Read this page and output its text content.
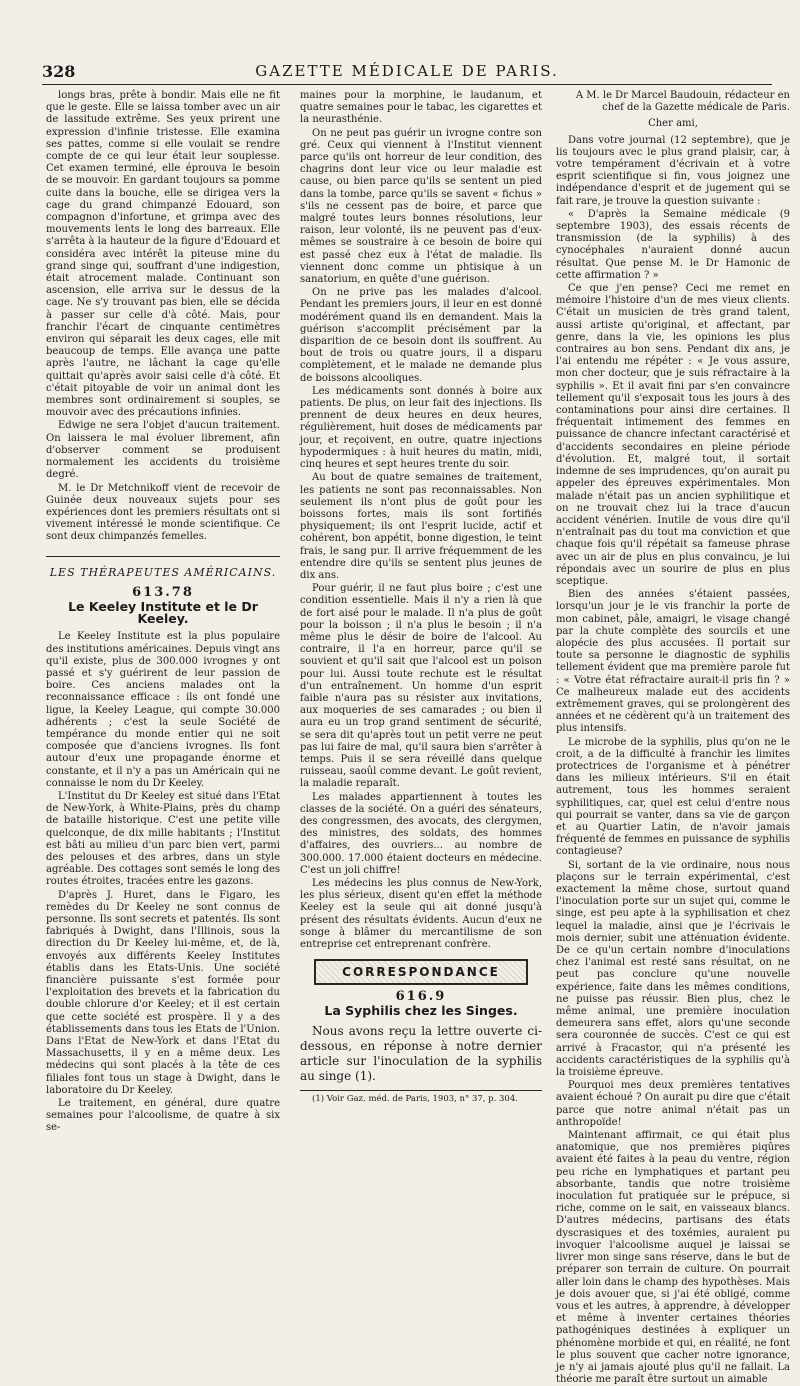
328	GAZETTE MÉDICALE DE PARIS.

longs bras, prête à bondir. Mais elle ne fit que le geste. Elle se laissa tomber avec un air de lassitude extrême. Ses yeux prirent une expression d'infinie tristesse. Elle examina ses pattes, comme si elle voulait se rendre compte de ce qui leur était leur souplesse. Cet examen terminé, elle éprouva le besoin de se mouvoir. En gardant toujours sa pomme cuite dans la bouche, elle se dirigea vers la cage du grand chimpanzé Edouard, son compagnon d'infortune, et grimpa avec des mouvements lents le long des barreaux. Elle s'arrêta à la hauteur de la figure d'Edouard et considéra avec intérêt la piteuse mine du grand singe qui, souffrant d'une indigestion, était atrocement malade. Continuant son ascension, elle arriva sur le dessus de la cage. Ne s'y trouvant pas bien, elle se décida à passer sur celle d'à côté. Mais, pour franchir l'écart de cinquante centimètres environ qui séparait les deux cages, elle mit beaucoup de temps. Elle avança une patte après l'autre, ne lâchant la cage qu'elle quittait qu'après avoir saisi celle d'à côté. Et c'était pitoyable de voir un animal dont les membres sont ordinairement si souples, se mouvoir avec des précautions infinies.

Edwige ne sera l'objet d'aucun traitement. On laissera le mal évoluer librement, afin d'observer comment se produisent normalement les accidents du troisième degré.

M. le Dr Metchnikoff vient de recevoir de Guinée deux nouveaux sujets pour ses expériences dont les premiers résultats ont si vivement intéressé le monde scientifique. Ce sont deux chimpanzés femelles.

LES THÉRAPEUTES AMÉRICAINS.
613.78
Le Keeley Institute et le Dr Keeley.

Le Keeley Institute est la plus populaire des institutions américaines. Depuis vingt ans qu'il existe, plus de 300.000 ivrognes y ont passé et s'y guérirent de leur passion de boire. Ces anciens malades ont la reconnaissance efficace : ils ont fondé une ligue, la Keeley League, qui compte 30.000 adhérents ; c'est la seule Société de tempérance du monde entier qui ne soit composée que d'anciens ivrognes. Ils font autour d'eux une propagande énorme et constante, et il n'y a pas un Américain qui ne connaisse le nom du Dr Keeley.

L'Institut du Dr Keeley est situé dans l'Etat de New-York, à White-Plains, près du champ de bataille historique. C'est une petite ville quelconque, de dix mille habitants ; l'Institut est bâti au milieu d'un parc bien vert, parmi des pelouses et des arbres, dans un style agréable. Des cottages sont semés le long des routes étroites, tracées entre les gazons.

D'après J. Huret, dans le Figaro, les remèdes du Dr Keeley ne sont connus de personne. Ils sont secrets et patentés. Ils sont fabriqués à Dwight, dans l'Illinois, sous la direction du Dr Keeley lui-même, et, de là, envoyés aux différents Keeley Institutes établis dans les Etats-Unis. Une société financière puissante s'est formée pour l'exploitation des brevets et la fabrication du double chlorure d'or Keeley; et il est certain que cette société est prospère. Il y a des établissements dans tous les Etats de l'Union. Dans l'Etat de New-York et dans l'Etat du Massachusetts, il y en a même deux. Les médecins qui sont placés à la tête de ces filiales font tous un stage à Dwight, dans le laboratoire du Dr Keeley.

Le traitement, en général, dure quatre semaines pour l'alcoolisme, de quatre à six se-

maines pour la morphine, le laudanum, et quatre semaines pour le tabac, les cigarettes et la neurasthénie.

On ne peut pas guérir un ivrogne contre son gré. Ceux qui viennent à l'Institut viennent parce qu'ils ont horreur de leur condition, des chagrins dont leur vice ou leur maladie est cause, ou bien parce qu'ils se sentent un pied dans la tombe, parce qu'ils se savent « fichus » s'ils ne cessent pas de boire, et parce que malgré toutes leurs bonnes résolutions, leur raison, leur volonté, ils ne peuvent pas d'eux-mêmes se soustraire à ce besoin de boire qui est passé chez eux à l'état de maladie. Ils viennent donc comme un phtisique à un sanatorium, en quête d'une guérison.

On ne prive pas les malades d'alcool. Pendant les premiers jours, il leur en est donné modérément quand ils en demandent. Mais la guérison s'accomplit précisément par la disparition de ce besoin dont ils souffrent. Au bout de trois ou quatre jours, il a disparu complètement, et le malade ne demande plus de boissons alcooliques.

Les médicaments sont donnés à boire aux patients. De plus, on leur fait des injections. Ils prennent de deux heures en deux heures, régulièrement, huit doses de médicaments par jour, et reçoivent, en outre, quatre injections hypodermiques : à huit heures du matin, midi, cinq heures et sept heures trente du soir.

Au bout de quatre semaines de traitement, les patients ne sont pas reconnaissables. Non seulement ils n'ont plus de goût pour les boissons fortes, mais ils sont fortifiés physiquement; ils ont l'esprit lucide, actif et cohérent, bon appétit, bonne digestion, le teint frais, le sang pur. Il arrive fréquemment de les entendre dire qu'ils se sentent plus jeunes de dix ans.

Pour guérir, il ne faut plus boire ; c'est une condition essentielle. Mais il n'y a rien là que de fort aisé pour le malade. Il n'a plus de goût pour la boisson ; il n'a plus le besoin ; il n'a même plus le désir de boire de l'alcool. Au contraire, il l'a en horreur, parce qu'il se souvient et qu'il sait que l'alcool est un poison pour lui. Aussi toute rechute est le résultat d'un entraînement. Un homme d'un esprit faible n'aura pas su résister aux invitations, aux moqueries de ses camarades ; ou bien il aura eu un trop grand sentiment de sécurité, se sera dit qu'après tout un petit verre ne peut pas lui faire de mal, qu'il saura bien s'arrêter à temps. Puis il se sera réveillé dans quelque ruisseau, saoûl comme devant. Le goût revient, la maladie reparaît.

Les malades appartiennent à toutes les classes de la société. On a guéri des sénateurs, des congressmen, des avocats, des clergymen, des ministres, des soldats, des hommes d'affaires, des ouvriers... au nombre de 300.000. 17.000 étaient docteurs en médecine. C'est un joli chiffre!

Les médecins les plus connus de New-York, les plus sérieux, disent qu'en effet la méthode Keeley est la seule qui ait donné jusqu'à présent des résultats évidents. Aucun d'eux ne songe à blâmer du mercantilisme de son entreprise cet entreprenant confrère.

CORRESPONDANCE
616.9
La Syphilis chez les Singes.

Nous avons reçu la lettre ouverte ci-dessous, en réponse à notre dernier article sur l'inoculation de la syphilis au singe (1).

(1) Voir Gaz. méd. de Paris, 1903, n° 37, p. 304.
A M. le Dr Marcel Baudouin, rédacteur en chef de la Gazette médicale de Paris.
Cher ami,

Dans votre journal (12 septembre), que je lis toujours avec le plus grand plaisir, car, à votre tempérament d'écrivain et à votre esprit scientifique si fin, vous joignez une indépendance d'esprit et de jugement qui se fait rare, je trouve la question suivante :

« D'après la Semaine médicale (9 septembre 1903), des essais récents de transmission (de la syphilis) à des cynocéphales n'auraient donné aucun résultat. Que pense M. le Dr Hamonic de cette affirmation ? »

Ce que j'en pense? Ceci me remet en mémoire l'histoire d'un de mes vieux clients. C'était un musicien de très grand talent, aussi artiste qu'original, et affectant, par genre, dans la vie, les opinions les plus contraires au bon sens. Pendant dix ans, je l'ai entendu me répéter : « Je vous assure, mon cher docteur, que je suis réfractaire à la syphilis ». Et il avait fini par s'en convaincre tellement qu'il s'exposait tous les jours à des contaminations pour ainsi dire certaines. Il fréquentait intimement des femmes en puissance de chancre infectant caractérisé et d'accidents secondaires en pleine période d'évolution. Et, malgré tout, il sortait indemne de ses imprudences, qu'on aurait pu appeler des épreuves expérimentales. Mon malade n'était pas un ancien syphilitique et on ne trouvait chez lui la trace d'aucun accident vénérien. Inutile de vous dire qu'il n'entraînait pas du tout ma conviction et que chaque fois qu'il répétait sa fameuse phrase avec un air de plus en plus convaincu, je lui répondais avec un sourire de plus en plus sceptique.

Bien des années s'étaient passées, lorsqu'un jour je le vis franchir la porte de mon cabinet, pâle, amaigri, le visage changé par la chute complète des sourcils et une alopécie des plus accusées. Il portait sur toute sa personne le diagnostic de syphilis tellement évident que ma première parole fut : « Votre état réfractaire aurait-il pris fin ? » Ce malheureux malade eut des accidents extrêmement graves, qui se prolongèrent des années et ne cédèrent qu'à un traitement des plus intensifs.

Le microbe de la syphilis, plus qu'on ne le croit, a de la difficulté à franchir les limites protectrices de l'organisme et à pénétrer dans les milieux intérieurs. S'il en était autrement, tous les hommes seraient syphilitiques, car, quel est celui d'entre nous qui pourrait se vanter, dans sa vie de garçon et au Quartier Latin, de n'avoir jamais fréquenté de femmes en puissance de syphilis contagieuse?

Si, sortant de la vie ordinaire, nous nous plaçons sur le terrain expérimental, c'est exactement la même chose, surtout quand l'inoculation porte sur un sujet qui, comme le singe, est peu apte à la syphilisation et chez lequel la maladie, ainsi que je l'écrivais le mois dernier, subit une atténuation évidente. De ce qu'un certain nombre d'inoculations chez l'animal est resté sans résultat, on ne peut pas conclure qu'une nouvelle expérience, faite dans les mêmes conditions, ne puisse pas réussir. Bien plus, chez le même animal, une première inoculation demeurera sans effet, alors qu'une seconde sera couronnée de succès. C'est ce qui est arrivé à Fracastor, qui n'a présenté les accidents caractéristiques de la syphilis qu'à la troisième épreuve.

Pourquoi mes deux premières tentatives avaient échoué ? On aurait pu dire que c'était parce que notre animal n'était pas un anthropoïde!

Maintenant affirmait, ce qui était plus anatomique, que nos premières piqûres avaient été faites à la peau du ventre, région peu riche en lymphatiques et partant peu absorbante, tandis que notre troisième inoculation fut pratiquée sur le prépuce, si riche, comme on le sait, en vaisseaux blancs. D'autres médecins, partisans des états dyscrasiques et des toxémies, auraient pu invoquer l'alcoolisme auquel je laissai se livrer mon singe sans réserve, dans le but de préparer son terrain de culture. On pourrait aller loin dans le champ des hypothèses. Mais je dois avouer que, si j'ai été obligé, comme vous et les autres, à apprendre, à développer et même à inventer certaines théories pathogéniques destinées à expliquer un phénomène morbide et qui, en réalité, ne font le plus souvent que cacher notre ignorance, je n'y ai jamais ajouté plus qu'il ne fallait. La théorie me paraît être surtout un aimable
